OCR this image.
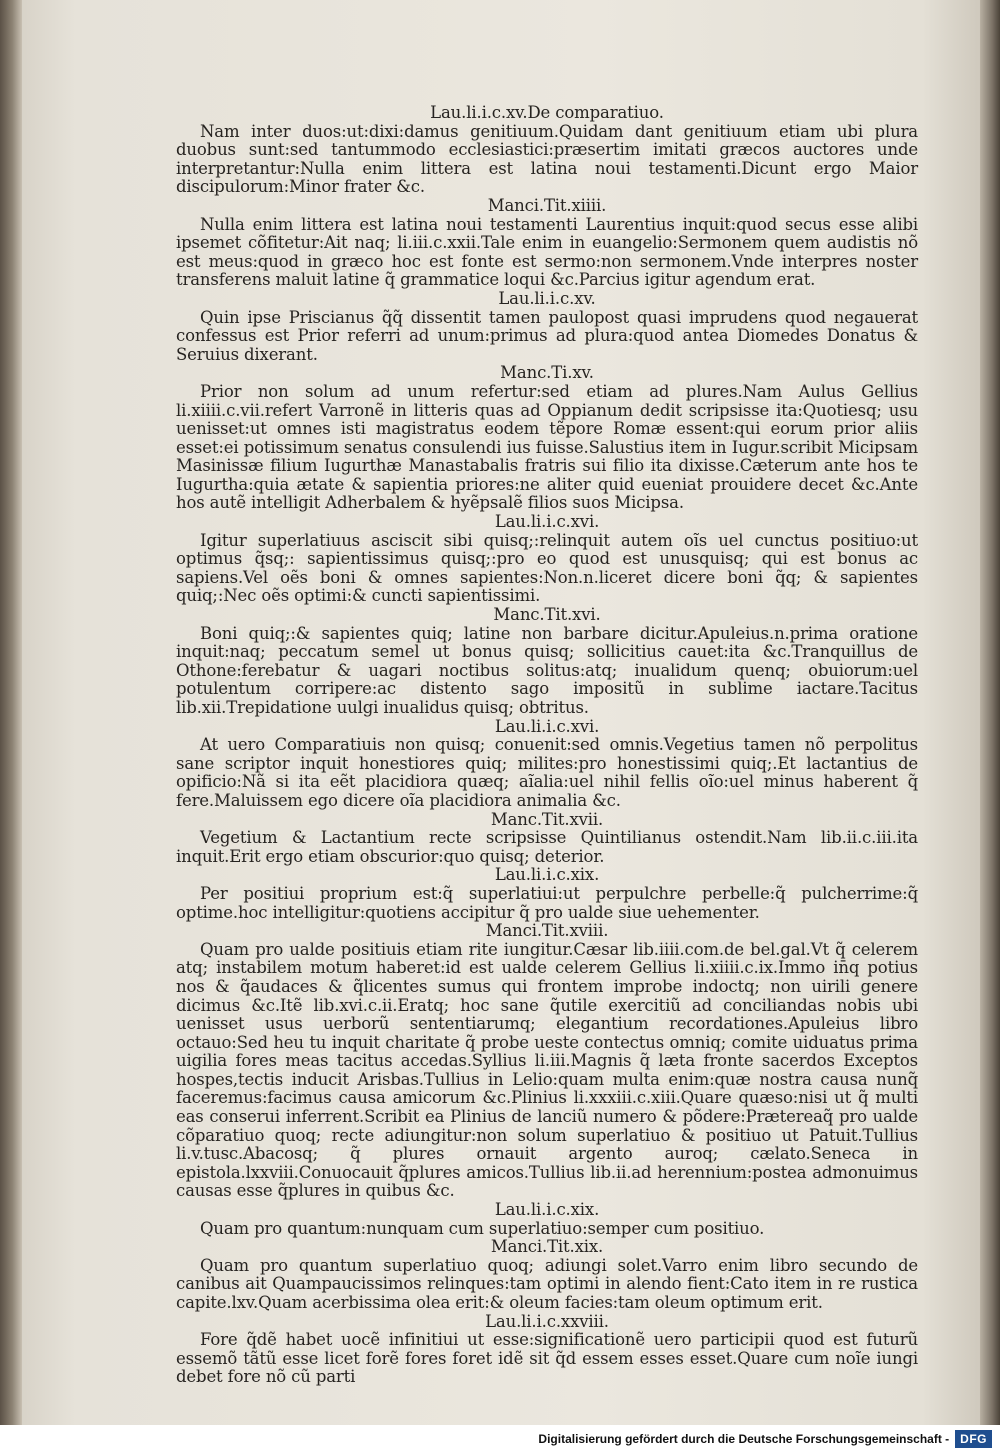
Lau.li.i.c.xv.De comparatiuo.

Nam inter duos:ut:dixi:damus genitiuum.Quidam dant genitiuum etiam ubi plura duobus sunt:sed tantummodo ecclesiastici:præsertim imitati græcos auctores unde interpretantur:Nulla enim littera est latina noui testamenti.Dicunt ergo Maior discipulorum:Minor frater &c.

Manci.Tit.xiiii.

Nulla enim littera est latina noui testamenti Laurentius inquit:quod secus esse alibi ipsemet cõfitetur:Ait naq; li.iii.c.xxii.Tale enim in euangelio:Sermonem quem audistis nõ est meus:quod in græco hoc est fonte est sermo:non sermonem.Vnde interpres noster transferens maluit latine q̃ grammatice loqui &c.Parcius igitur agendum erat.

Lau.li.i.c.xv.

Quin ipse Priscianus q̃q̃ dissentit tamen paulopost quasi imprudens quod negauerat confessus est Prior referri ad unum:primus ad plura:quod antea Diomedes Donatus & Seruius dixerant.

Manc.Ti.xv.

Prior non solum ad unum refertur:sed etiam ad plures.Nam Aulus Gellius li.xiiii.c.vii.refert Varronẽ in litteris quas ad Oppianum dedit scripsisse ita:Quotiesq; usu uenisset:ut omnes isti magistratus eodem tẽpore Romæ essent:qui eorum prior aliis esset:ei potissimum senatus consulendi ius fuisse.Salustius item in Iugur.scribit Micipsam Masinissæ filium Iugurthæ Manastabalis fratris sui filio ita dixisse.Cæterum ante hos te Iugurtha:quia ætate & sapientia priores:ne aliter quid eueniat prouidere decet &c.Ante hos autẽ intelligit Adherbalem & hyẽpsalẽ filios suos Micipsa.

Lau.li.i.c.xvi.

Igitur superlatiuus asciscit sibi quisq;:relinquit autem oĩs uel cunctus positiuo:ut optimus q̃sq;: sapientissimus quisq;:pro eo quod est unusquisq; qui est bonus ac sapiens.Vel oẽs boni & omnes sapientes:Non.n.liceret dicere boni q̃q; & sapientes quiq;:Nec oẽs optimi:& cuncti sapientissimi.

Manc.Tit.xvi.

Boni quiq;:& sapientes quiq; latine non barbare dicitur.Apuleius.n.prima oratione inquit:naq; peccatum semel ut bonus quisq; sollicitius cauet:ita &c.Tranquillus de Othone:ferebatur & uagari noctibus solitus:atq; inualidum quenq; obuiorum:uel potulentum corripere:ac distento sago impositũ in sublime iactare.Tacitus lib.xii.Trepidatione uulgi inualidus quisq; obtritus.

Lau.li.i.c.xvi.

At uero Comparatiuis non quisq; conuenit:sed omnis.Vegetius tamen nõ perpolitus sane scriptor inquit honestiores quiq; milites:pro honestissimi quiq;.Et lactantius de opificio:Nã si ita eẽt placidiora quæq; aĩalia:uel nihil fellis oĩo:uel minus haberent q̃ fere.Maluissem ego dicere oĩa placidiora animalia &c.

Manc.Tit.xvii.

Vegetium & Lactantium recte scripsisse Quintilianus ostendit.Nam lib.ii.c.iii.ita inquit.Erit ergo etiam obscurior:quo quisq; deterior.

Lau.li.i.c.xix.

Per positiui proprium est:q̃ superlatiui:ut perpulchre perbelle:q̃ pulcherrime:q̃ optime.hoc intelligitur:quotiens accipitur q̃ pro ualde siue uehementer.

Manci.Tit.xviii.

Quam pro ualde positiuis etiam rite iungitur.Cæsar lib.iiii.com.de bel.gal.Vt q̃ celerem atq; instabilem motum haberet:id est ualde celerem Gellius li.xiiii.c.ix.Immo in̄q potius nos & q̃audaces & q̃licentes sumus qui frontem improbe indoctq; non uirili genere dicimus &c.Itẽ lib.xvi.c.ii.Eratq; hoc sane q̃utile exercitiũ ad conciliandas nobis ubi uenisset usus uerborũ sententiarumq; elegantium recordationes.Apuleius libro octauo:Sed heu tu inquit charitate q̃ probe ueste contectus omniq; comite uiduatus prima uigilia fores meas tacitus accedas.Syllius li.iii.Magnis q̃ læta fronte sacerdos Exceptos hospes,tectis inducit Arisbas.Tullius in Lelio:quam multa enim:quæ nostra causa nunq̃ faceremus:facimus causa amicorum &c.Plinius li.xxxiii.c.xiii.Quare quæso:nisi ut q̃ multi eas conserui inferrent.Scribit ea Plinius de lanciũ numero & põdere:Prætereaq̃ pro ualde cõparatiuo quoq; recte adiungitur:non solum superlatiuo & positiuo ut Patuit.Tullius li.v.tusc.Abacosq; q̃ plures ornauit argento auroq; cælato.Seneca in epistola.lxxviii.Conuocauit q̃plures amicos.Tullius lib.ii.ad herennium:postea admonuimus causas esse q̃plures in quibus &c.

Lau.li.i.c.xix.

Quam pro quantum:nunquam cum superlatiuo:semper cum positiuo.

Manci.Tit.xix.

Quam pro quantum superlatiuo quoq; adiungi solet.Varro enim libro secundo de canibus ait Quampaucissimos relinques:tam optimi in alendo fient:Cato item in re rustica capite.lxv.Quam acerbissima olea erit:& oleum facies:tam oleum optimum erit.

Lau.li.i.c.xxviii.

Fore q̃dẽ habet uocẽ infinitiui ut esse:significationẽ uero participii quod est futurũ essemõ tãtũ esse licet forẽ fores foret idẽ sit q̃d essem esses esset.Quare cum noĩe iungi debet fore nõ cũ parti

Digitalisierung gefördert durch die Deutsche Forschungsgemeinschaft - DFG
